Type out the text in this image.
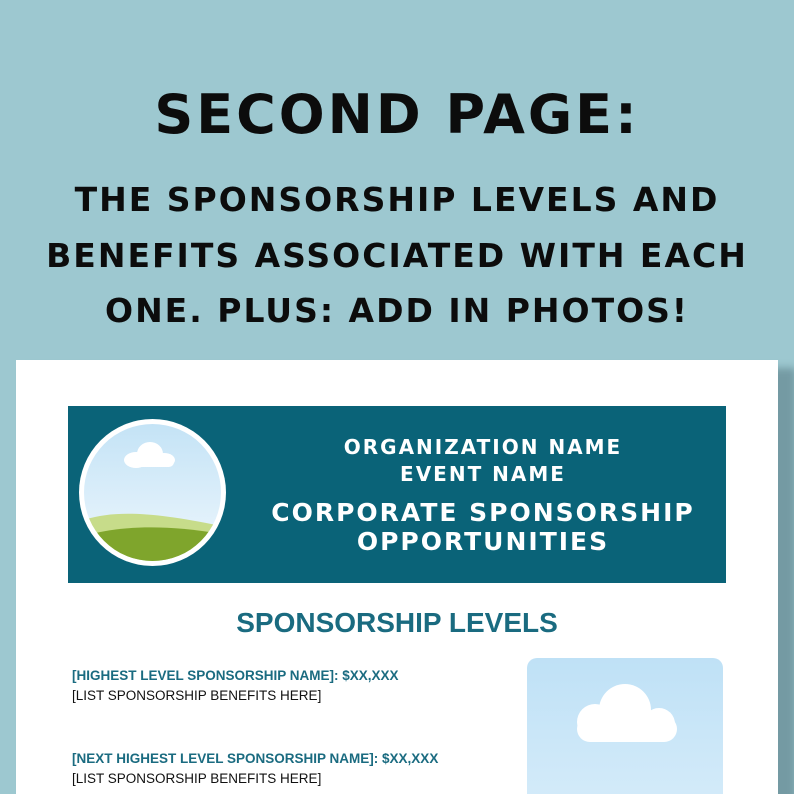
SECOND PAGE:
THE SPONSORSHIP LEVELS AND
BENEFITS ASSOCIATED WITH EACH
ONE. PLUS: ADD IN PHOTOS!
ORGANIZATION NAME
EVENT NAME
CORPORATE SPONSORSHIP
OPPORTUNITIES
SPONSORSHIP LEVELS
[HIGHEST LEVEL SPONSORSHIP NAME]: $XX,XXX
[LIST SPONSORSHIP BENEFITS HERE]
[NEXT HIGHEST LEVEL SPONSORSHIP NAME]: $XX,XXX
[LIST SPONSORSHIP BENEFITS HERE]
